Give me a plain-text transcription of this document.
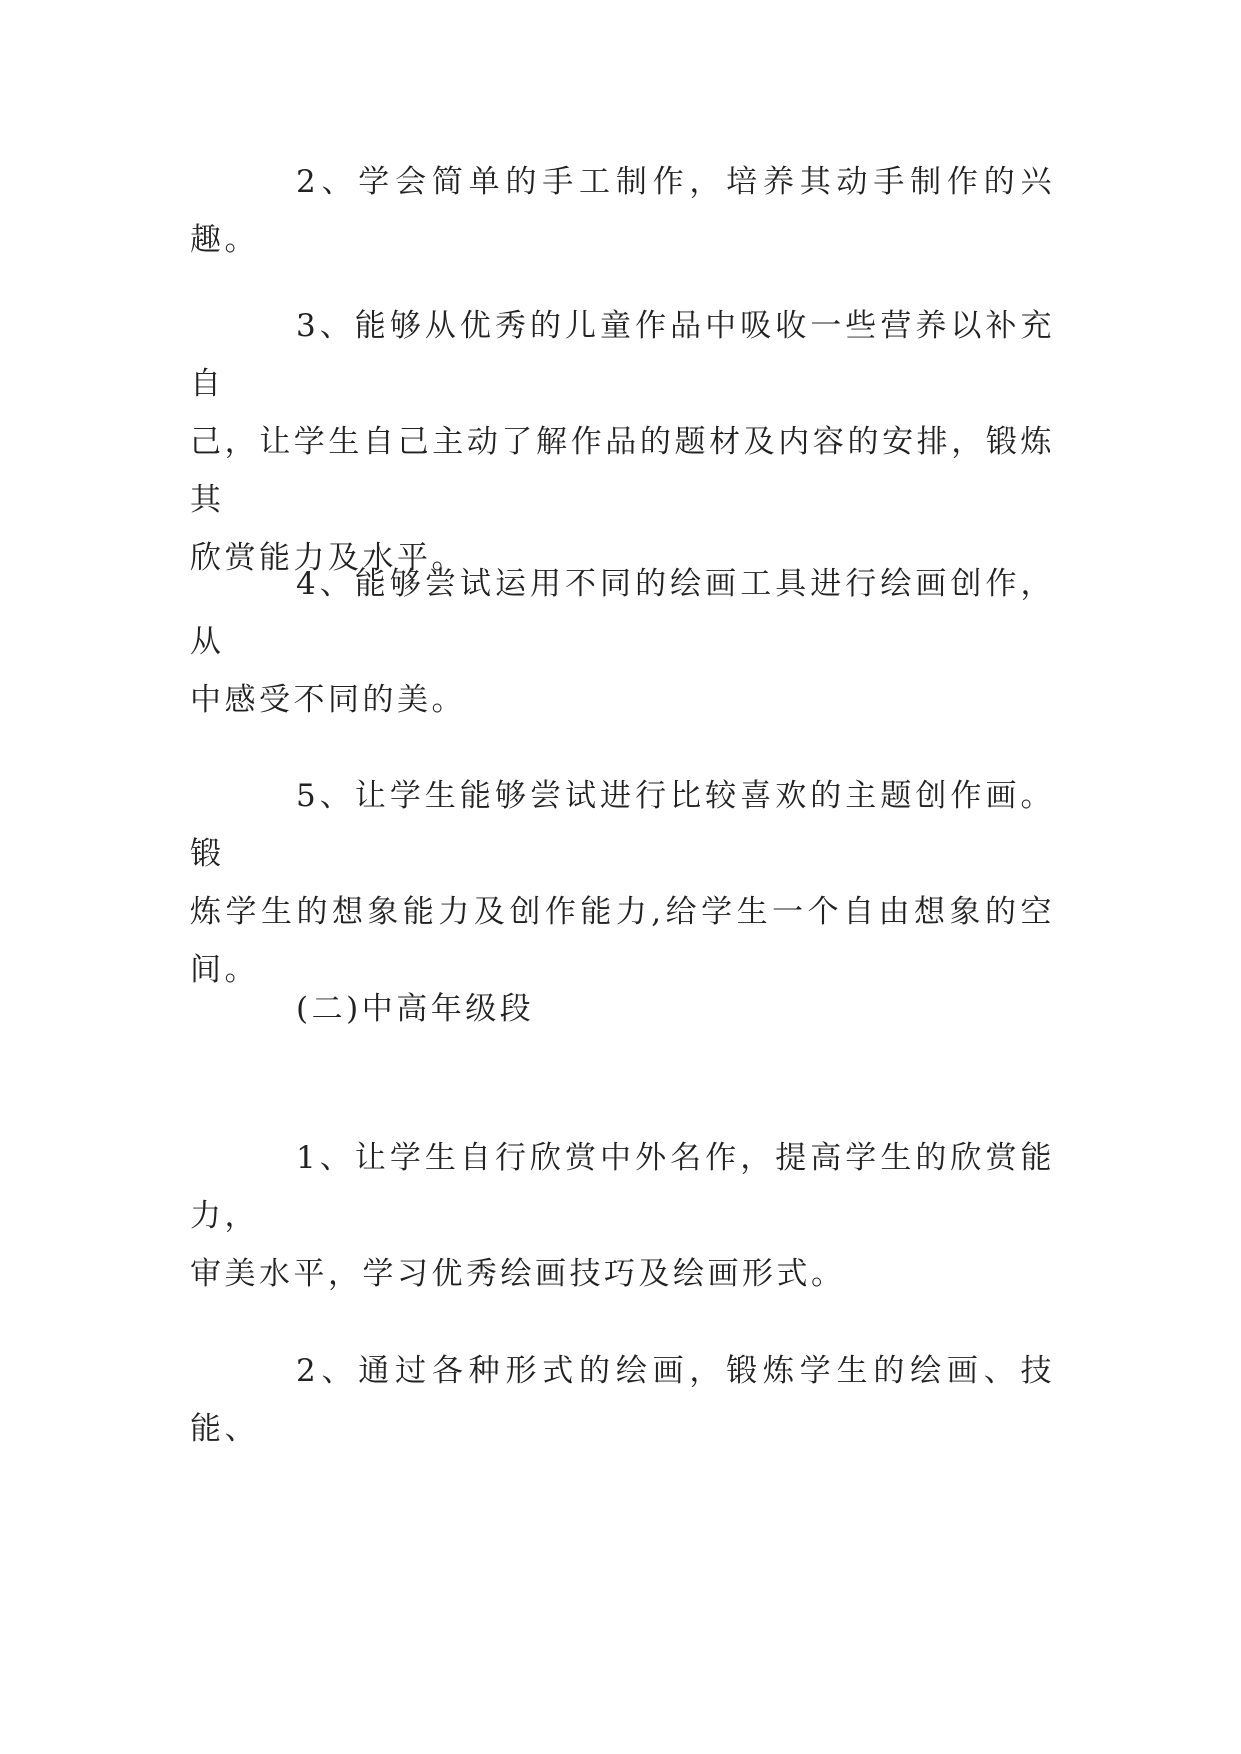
2、学会简单的手工制作，培养其动手制作的兴趣。
3、能够从优秀的儿童作品中吸收一些营养以补充自
己，让学生自己主动了解作品的题材及内容的安排，锻炼其
欣赏能力及水平。
4、能够尝试运用不同的绘画工具进行绘画创作，从
中感受不同的美。
5、让学生能够尝试进行比较喜欢的主题创作画。锻
炼学生的想象能力及创作能力,给学生一个自由想象的空间。
(二)中高年级段
1、让学生自行欣赏中外名作，提高学生的欣赏能力，
审美水平，学习优秀绘画技巧及绘画形式。
2、通过各种形式的绘画，锻炼学生的绘画、技能、
